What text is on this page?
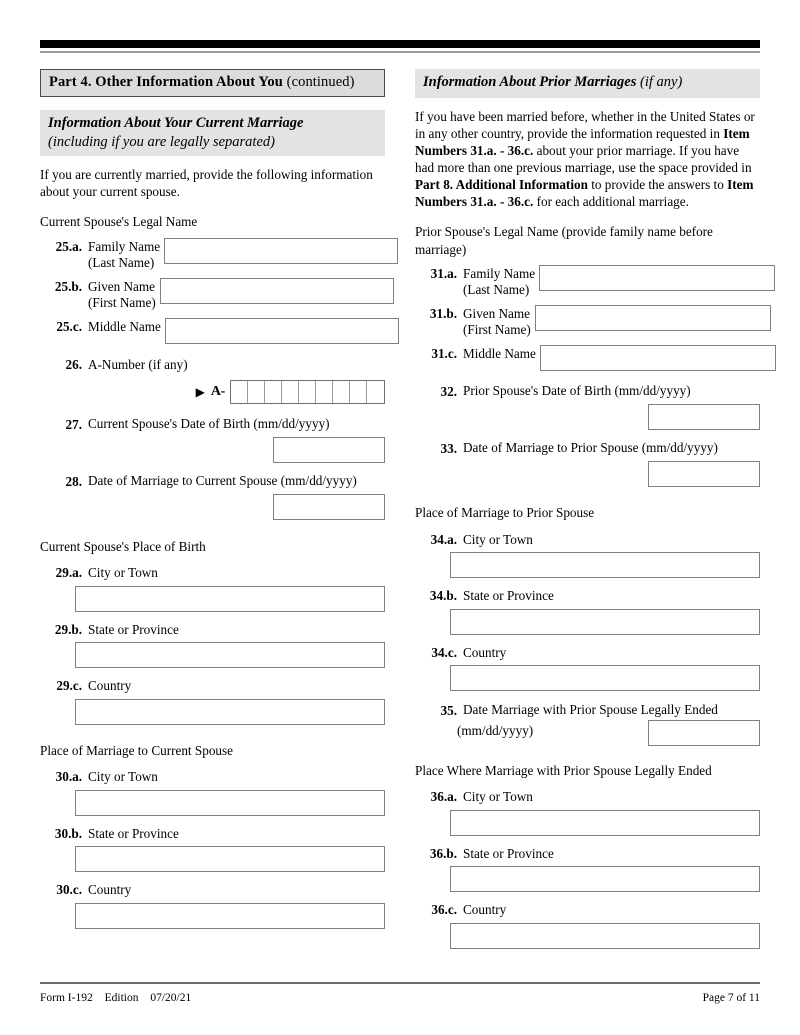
Part 4. Other Information About You (continued)
Information About Your Current Marriage
(including if you are legally separated)
If you are currently married, provide the following information about your current spouse.
Current Spouse's Legal Name
25.a. Family Name
(Last Name)
25.b. Given Name
(First Name)
25.c. Middle Name
26. A-Number (if any)
▶ A-
27. Current Spouse's Date of Birth (mm/dd/yyyy)
28. Date of Marriage to Current Spouse (mm/dd/yyyy)
Current Spouse's Place of Birth
29.a. City or Town
29.b. State or Province
29.c. Country
Place of Marriage to Current Spouse
30.a. City or Town
30.b. State or Province
30.c. Country
Information About Prior Marriages (if any)
If you have been married before, whether in the United States or in any other country, provide the information requested in Item Numbers 31.a. - 36.c. about your prior marriage. If you have had more than one previous marriage, use the space provided in Part 8. Additional Information to provide the answers to Item Numbers 31.a. - 36.c. for each additional marriage.
Prior Spouse's Legal Name (provide family name before marriage)
31.a. Family Name
(Last Name)
31.b. Given Name
(First Name)
31.c. Middle Name
32. Prior Spouse's Date of Birth (mm/dd/yyyy)
33. Date of Marriage to Prior Spouse (mm/dd/yyyy)
Place of Marriage to Prior Spouse
34.a. City or Town
34.b. State or Province
34.c. Country
35. Date Marriage with Prior Spouse Legally Ended
(mm/dd/yyyy)
Place Where Marriage with Prior Spouse Legally Ended
36.a. City or Town
36.b. State or Province
36.c. Country
Form I-192 Edition 07/20/21	Page 7 of 11
